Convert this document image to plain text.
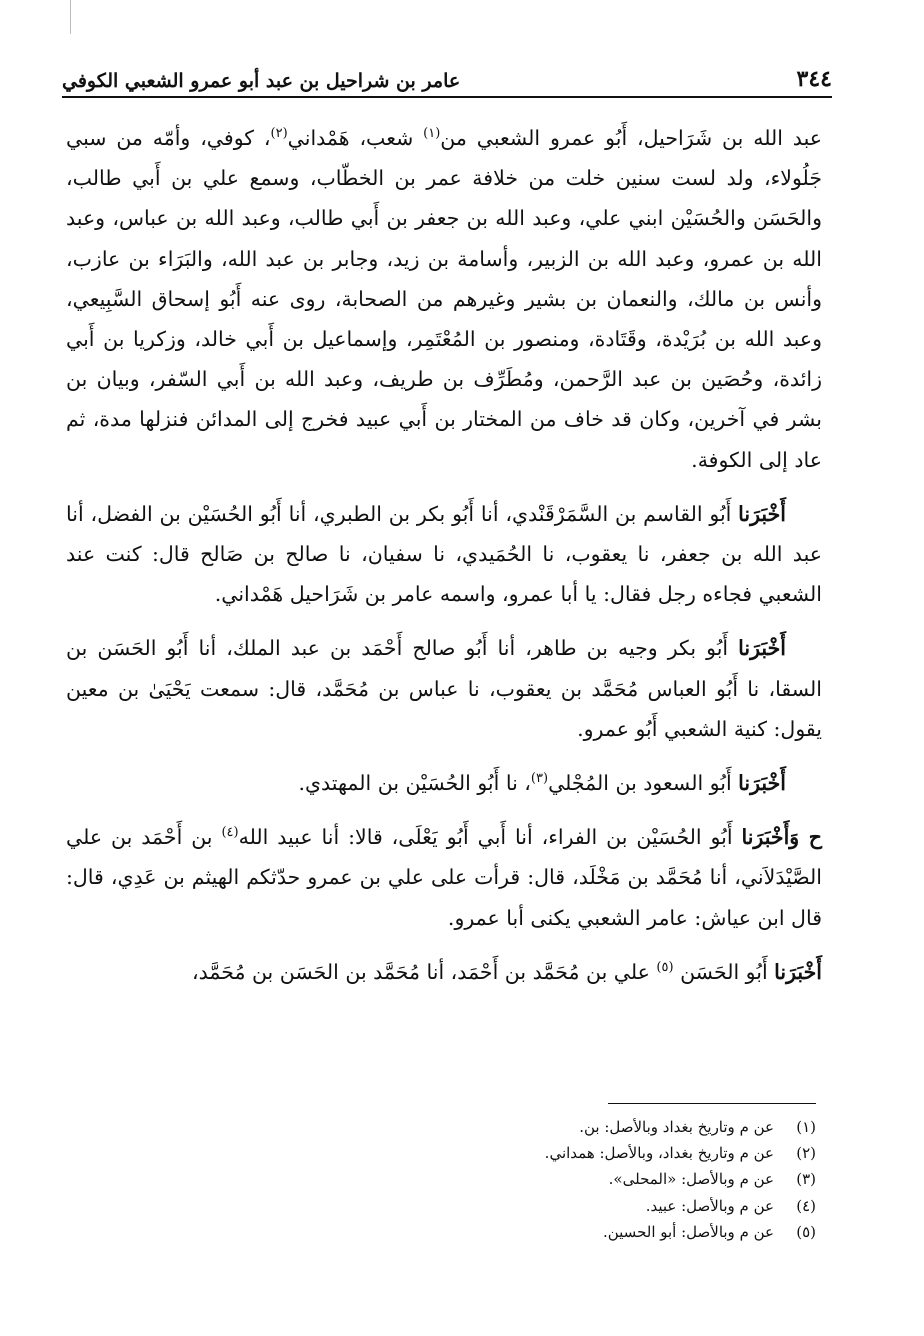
٣٤٤
عامر بن شراحيل بن عبد أبو عمرو الشعبي الكوفي

عبد الله بن شَرَاحيل، أَبُو عمرو الشعبي من$^{(١)}$ شعب، هَمْداني$^{(٢)}$، كوفي، وأمّه من سبي جَلُولاء، ولد لست سنين خلت من خلافة عمر بن الخطّاب، وسمع علي بن أَبي طالب، والحَسَن والحُسَيْن ابني علي، وعبد الله بن جعفر بن أَبي طالب، وعبد الله بن عباس، وعبد الله بن عمرو، وعبد الله بن الزبير، وأسامة بن زيد، وجابر بن عبد الله، والبَرَاء بن عازب، وأنس بن مالك، والنعمان بن بشير وغيرهم من الصحابة، روى عنه أَبُو إسحاق السَّبِيعي، وعبد الله بن بُرَيْدة، وقَتَادة، ومنصور بن المُعْتَمِر، وإسماعيل بن أَبي خالد، وزكريا بن أَبي زائدة، وحُصَين بن عبد الرَّحمن، ومُطَرِّف بن طريف، وعبد الله بن أَبي السّفر، وبيان بن بشر في آخرين، وكان قد خاف من المختار بن أَبي عبيد فخرج إلى المدائن فنزلها مدة، ثم عاد إلى الكوفة.

أَخْبَرَنا أَبُو القاسم بن السَّمَرْقَنْدي، أنا أَبُو بكر بن الطبري، أنا أَبُو الحُسَيْن بن الفضل، أنا عبد الله بن جعفر، نا يعقوب، نا الحُمَيدي، نا سفيان، نا صالح بن صَالح قال: كنت عند الشعبي فجاءه رجل فقال: يا أبا عمرو، واسمه عامر بن شَرَاحيل هَمْداني.

أَخْبَرَنا أَبُو بكر وجيه بن طاهر، أنا أَبُو صالح أَحْمَد بن عبد الملك، أنا أَبُو الحَسَن بن السقا، نا أَبُو العباس مُحَمَّد بن يعقوب، نا عباس بن مُحَمَّد، قال: سمعت يَحْيَىٰ بن معين يقول: كنية الشعبي أَبُو عمرو.

أَخْبَرَنا أَبُو السعود بن المُجْلي$^{(٣)}$، نا أَبُو الحُسَيْن بن المهتدي.

ح وَأَخْبَرَنا أَبُو الحُسَيْن بن الفراء، أنا أَبي أَبُو يَعْلَى، قالا: أنا عبيد الله$^{(٤)}$ بن أَحْمَد بن علي الصَّيْدَلاَني، أنا مُحَمَّد بن مَخْلَد، قال: قرأت على علي بن عمرو حدّثكم الهيثم بن عَدِي، قال: قال ابن عياش: عامر الشعبي يكنى أبا عمرو.

أَخْبَرَنا أَبُو الحَسَن $^{(٥)}$ علي بن مُحَمَّد بن أَحْمَد، أنا مُحَمَّد بن الحَسَن بن مُحَمَّد،

(١)
عن م وتاريخ بغداد وبالأصل: بن.
(٢)
عن م وتاريخ بغداد، وبالأصل: همداني.
(٣)
عن م وبالأصل: «المحلى».
(٤)
عن م وبالأصل: عبيد.
(٥)
عن م وبالأصل: أبو الحسين.
